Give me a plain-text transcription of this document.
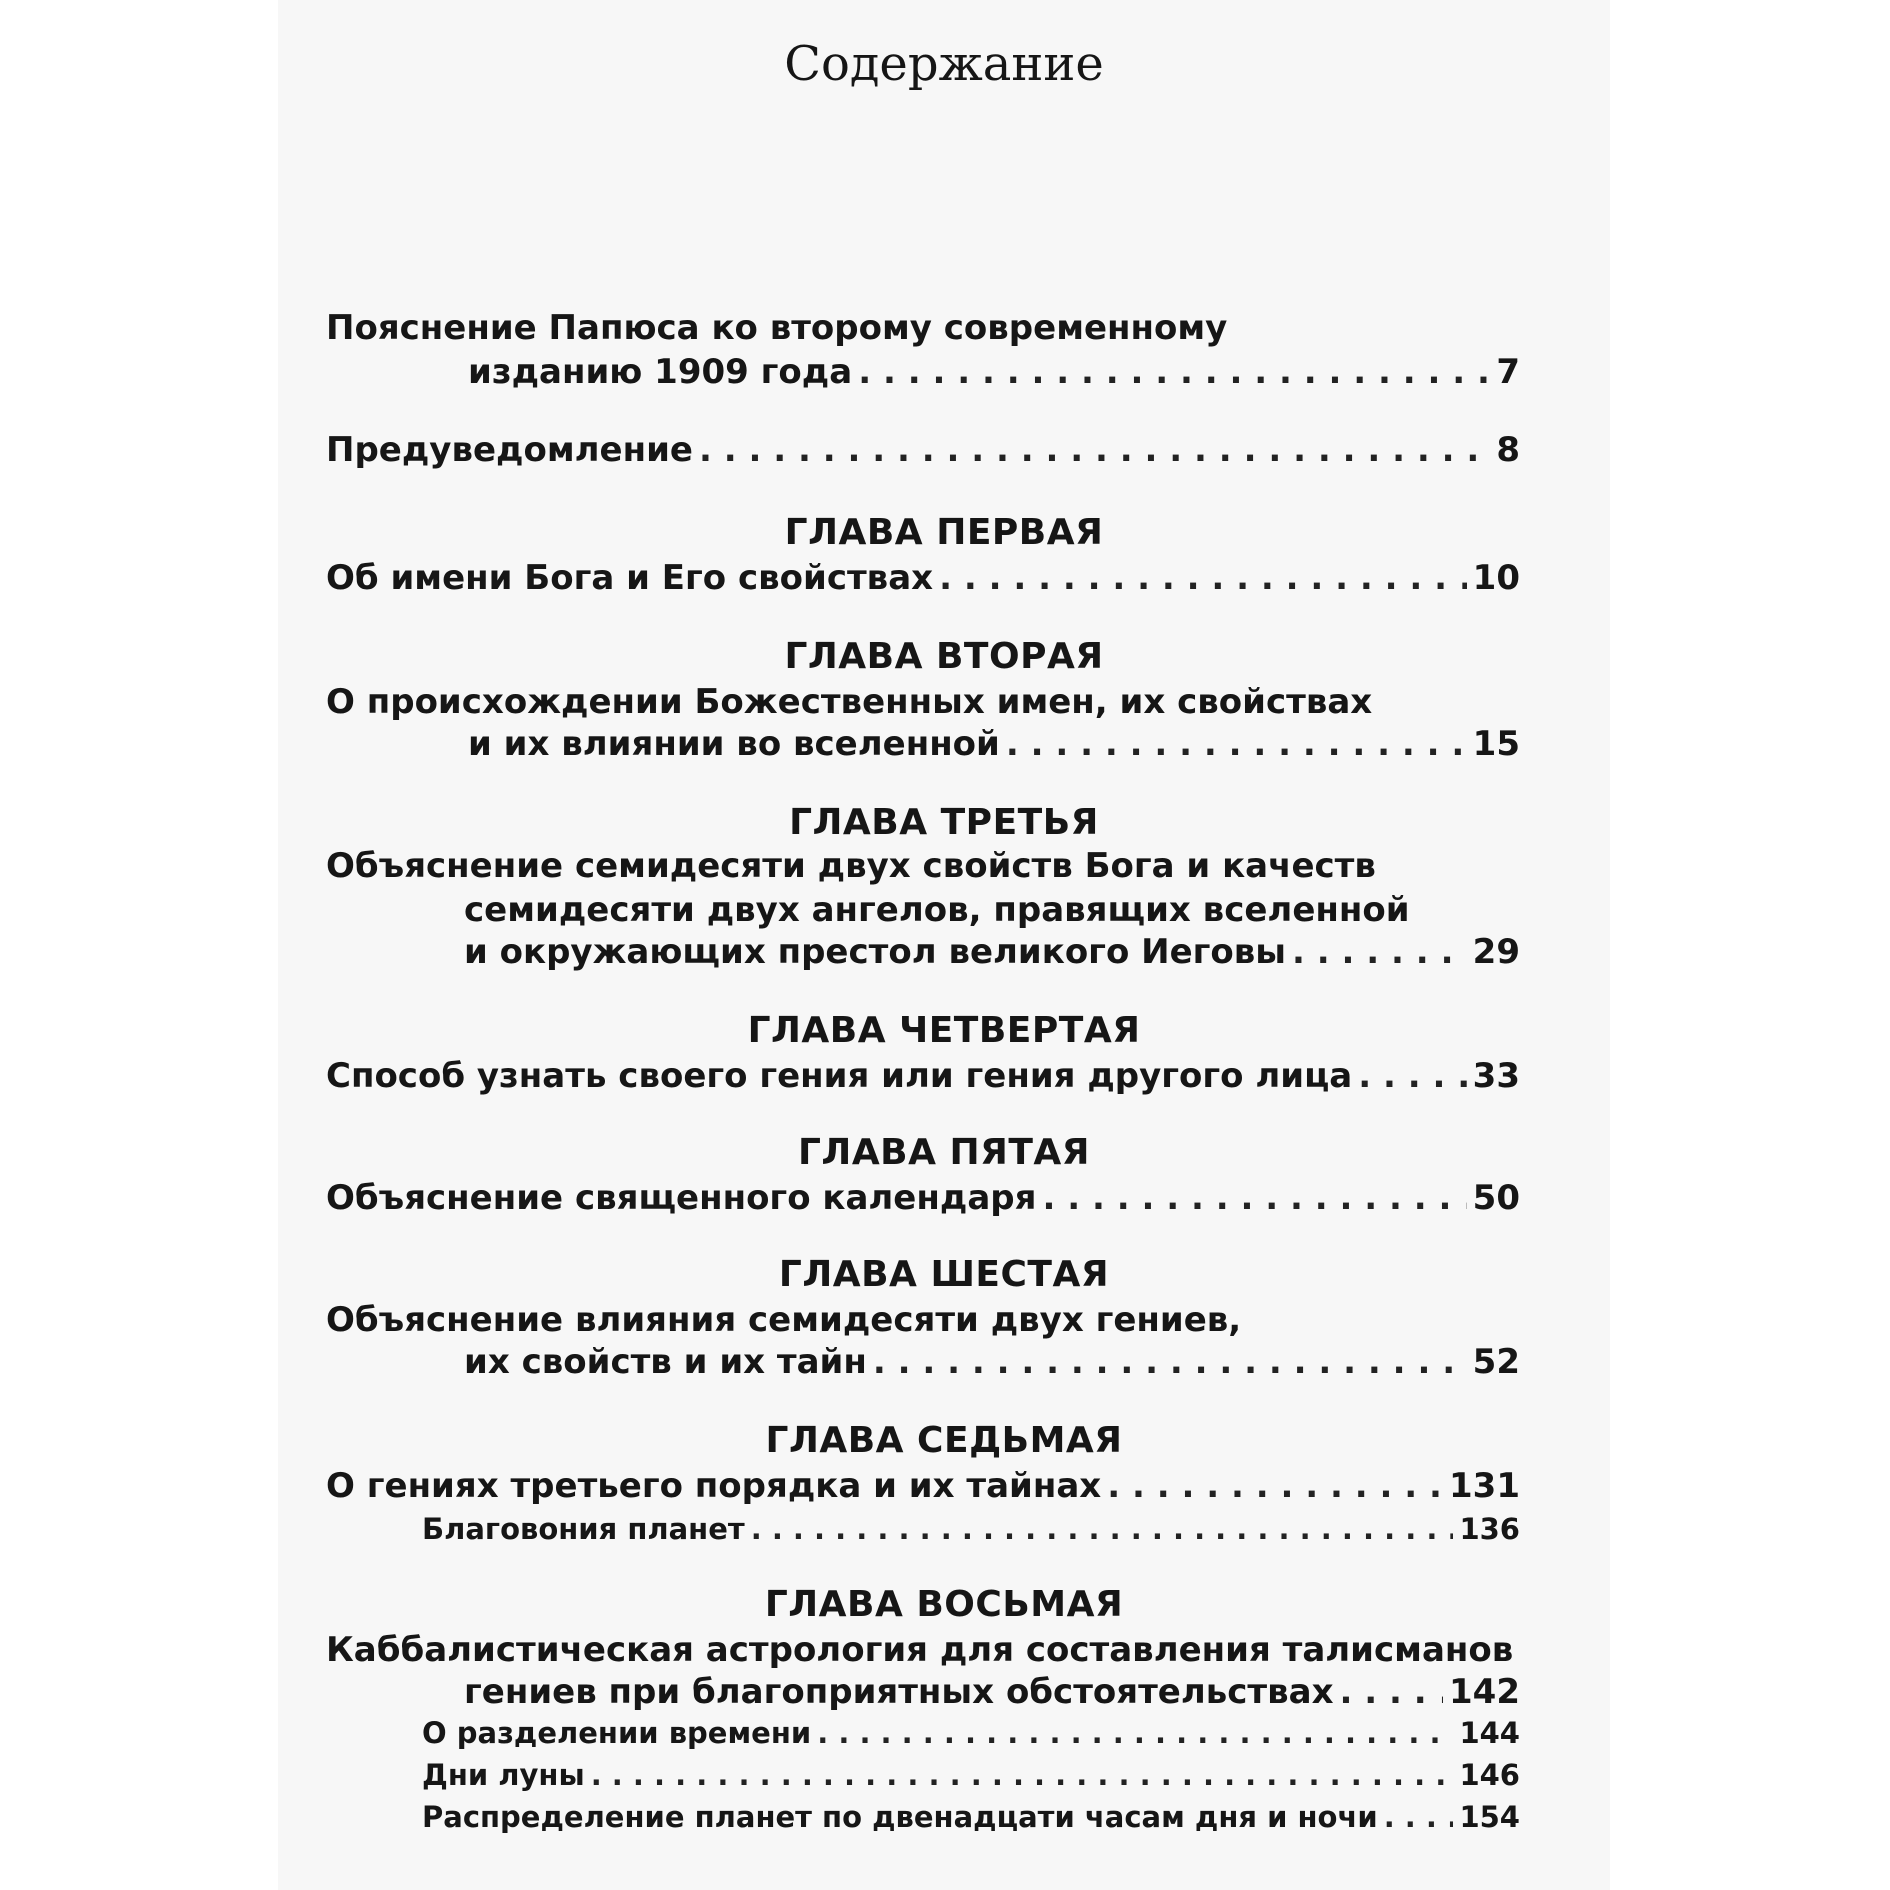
Содержание
Пояснение Папюса ко второму современному
изданию 1909 года . . .	7
Предуведомление . . .	8
ГЛАВА ПЕРВАЯ
Об имени Бога и Его свойствах . . .	10
ГЛАВА ВТОРАЯ
О происхождении Божественных имен, их свойствах
и их влиянии во вселенной . . .	15
ГЛАВА ТРЕТЬЯ
Объяснение семидесяти двух свойств Бога и качеств
семидесяти двух ангелов, правящих вселенной
и окружающих престол великого Иеговы . . .	29
ГЛАВА ЧЕТВЕРТАЯ
Способ узнать своего гения или гения другого лица . . .	33
ГЛАВА ПЯТАЯ
Объяснение священного календаря . . .	50
ГЛАВА ШЕСТАЯ
Объяснение влияния семидесяти двух гениев,
их свойств и их тайн . . .	52
ГЛАВА СЕДЬМАЯ
О гениях третьего порядка и их тайнах . . .	131
Благовония планет . . .	136
ГЛАВА ВОСЬМАЯ
Каббалистическая астрология для составления талисманов
гениев при благоприятных обстоятельствах . . .	142
О разделении времени . . .	144
Дни луны . . .	146
Распределение планет по двенадцати часам дня и ночи . . .	154
